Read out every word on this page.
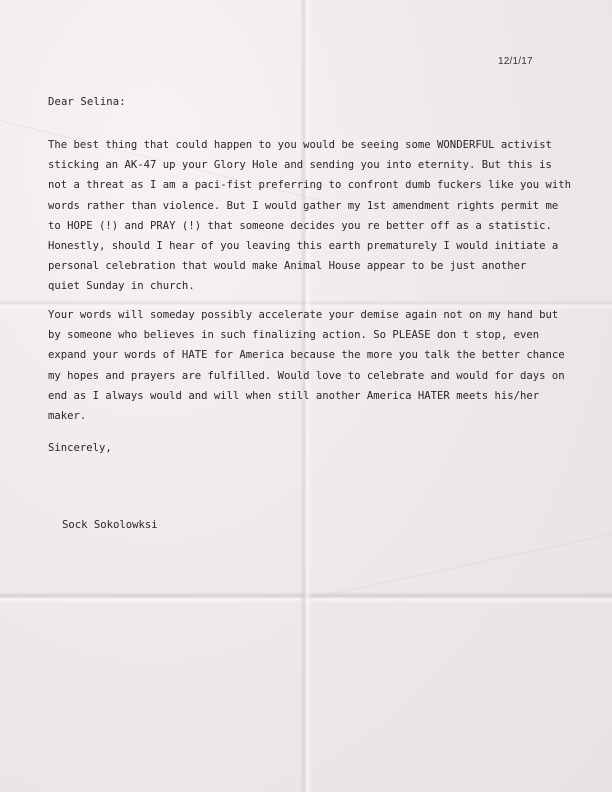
12/1/17
Dear Selina:
The best thing that could happen to you would be seeing some WONDERFUL activist
sticking an AK-47 up your Glory Hole and sending you into eternity. But this is
not a threat as I am a paci-fist preferring to confront dumb fuckers like you with
words rather than violence. But I would gather my 1st amendment rights permit me
to HOPE (!) and PRAY (!) that someone decides you re better off as a statistic.
Honestly, should I hear of you leaving this earth prematurely I would initiate a
personal celebration that would make Animal House appear to be just another
quiet Sunday in church.
Your words will someday possibly accelerate your demise again not on my hand but
by someone who believes in such finalizing action. So PLEASE don t stop, even
expand your words of HATE for America because the more you talk the better chance
my hopes and prayers are fulfilled. Would love to celebrate and would for days on
end as I always would and will when still another America HATER meets his/her
maker.
Sincerely,
Sock Sokolowksi
